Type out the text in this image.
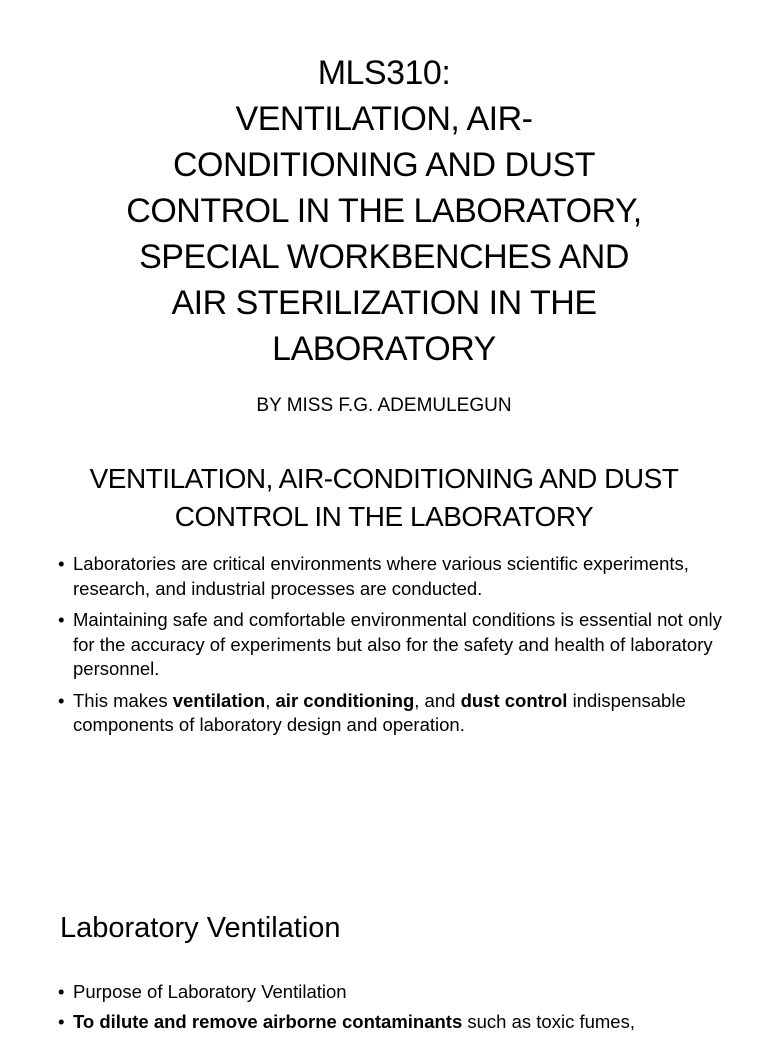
MLS310:
VENTILATION, AIR-
CONDITIONING AND DUST
CONTROL IN THE LABORATORY,
SPECIAL WORKBENCHES AND
AIR STERILIZATION IN THE
LABORATORY
BY MISS F.G. ADEMULEGUN
VENTILATION, AIR-CONDITIONING AND DUST
CONTROL IN THE LABORATORY
• Laboratories are critical environments where various scientific experiments, research, and industrial processes are conducted.
• Maintaining safe and comfortable environmental conditions is essential not only for the accuracy of experiments but also for the safety and health of laboratory personnel.
• This makes ventilation, air conditioning, and dust control indispensable components of laboratory design and operation.
Laboratory Ventilation
• Purpose of Laboratory Ventilation
• To dilute and remove airborne contaminants such as toxic fumes,
